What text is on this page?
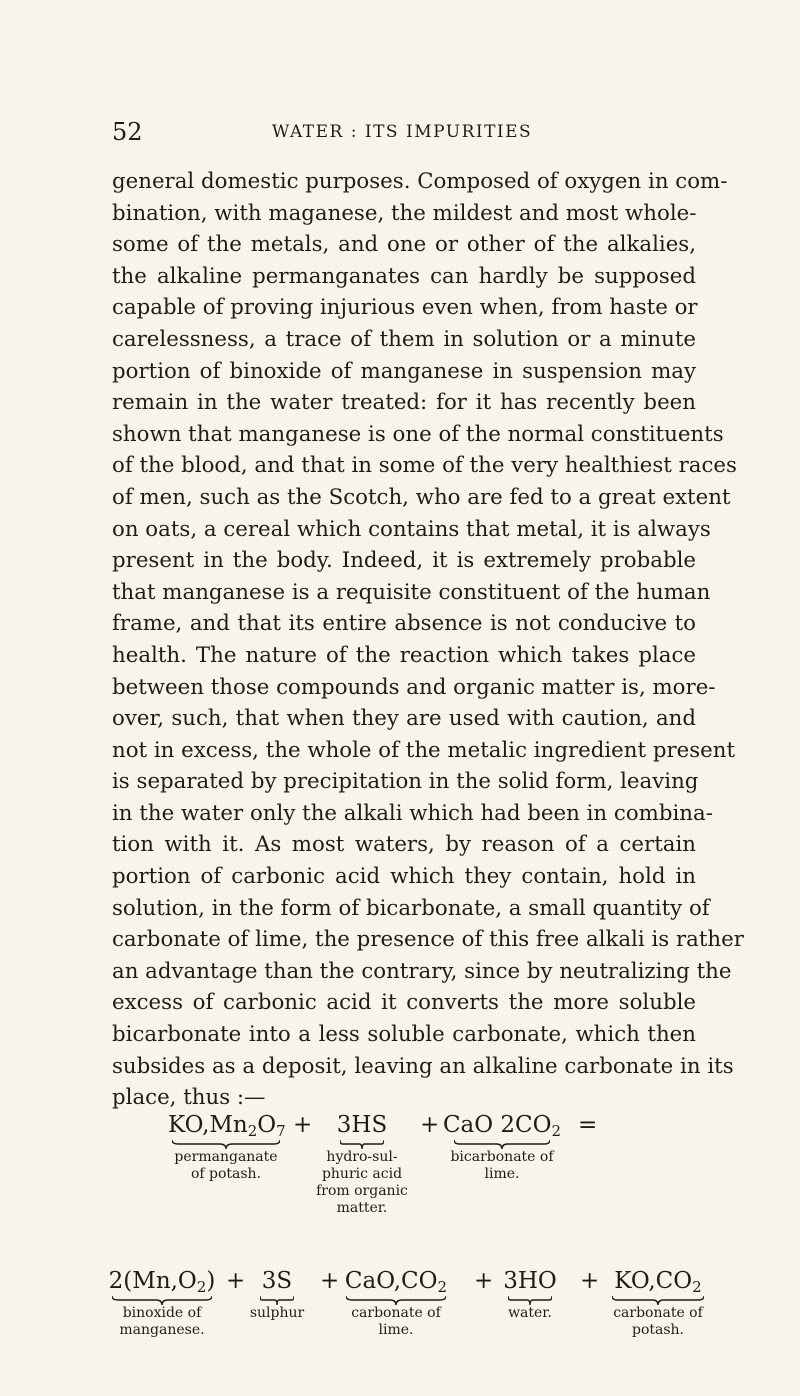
52	WATER : ITS IMPURITIES

general domestic purposes. Composed of oxygen in com-
bination, with maganese, the mildest and most whole-
some of the metals, and one or other of the alkalies,
the alkaline permanganates can hardly be supposed
capable of proving injurious even when, from haste or
carelessness, a trace of them in solution or a minute
portion of binoxide of manganese in suspension may
remain in the water treated: for it has recently been
shown that manganese is one of the normal constituents
of the blood, and that in some of the very healthiest races
of men, such as the Scotch, who are fed to a great extent
on oats, a cereal which contains that metal, it is always
present in the body. Indeed, it is extremely probable
that manganese is a requisite constituent of the human
frame, and that its entire absence is not conducive to
health. The nature of the reaction which takes place
between those compounds and organic matter is, more-
over, such, that when they are used with caution, and
not in excess, the whole of the metalic ingredient present
is separated by precipitation in the solid form, leaving
in the water only the alkali which had been in combina-
tion with it. As most waters, by reason of a certain
portion of carbonic acid which they contain, hold in
solution, in the form of bicarbonate, a small quantity of
carbonate of lime, the presence of this free alkali is rather
an advantage than the contrary, since by neutralizing the
excess of carbonic acid it converts the more soluble
bicarbonate into a less soluble carbonate, which then
subsides as a deposit, leaving an alkaline carbonate in its
place, thus :—

$KO,Mn_2O_7$
permanganate
of potash.
+	3HS
hydro-sul-
phuric acid
from organic
matter.
+ CaO $2CO_2$
bicarbonate of
lime.
=
$2(Mn,O_2)$
binoxide of
manganese.
+ 3S
sulphur
+ $CaO,CO_2$
carbonate of
lime.
+ 3HO
water.
+ $KO,CO_2$
carbonate of
potash.
